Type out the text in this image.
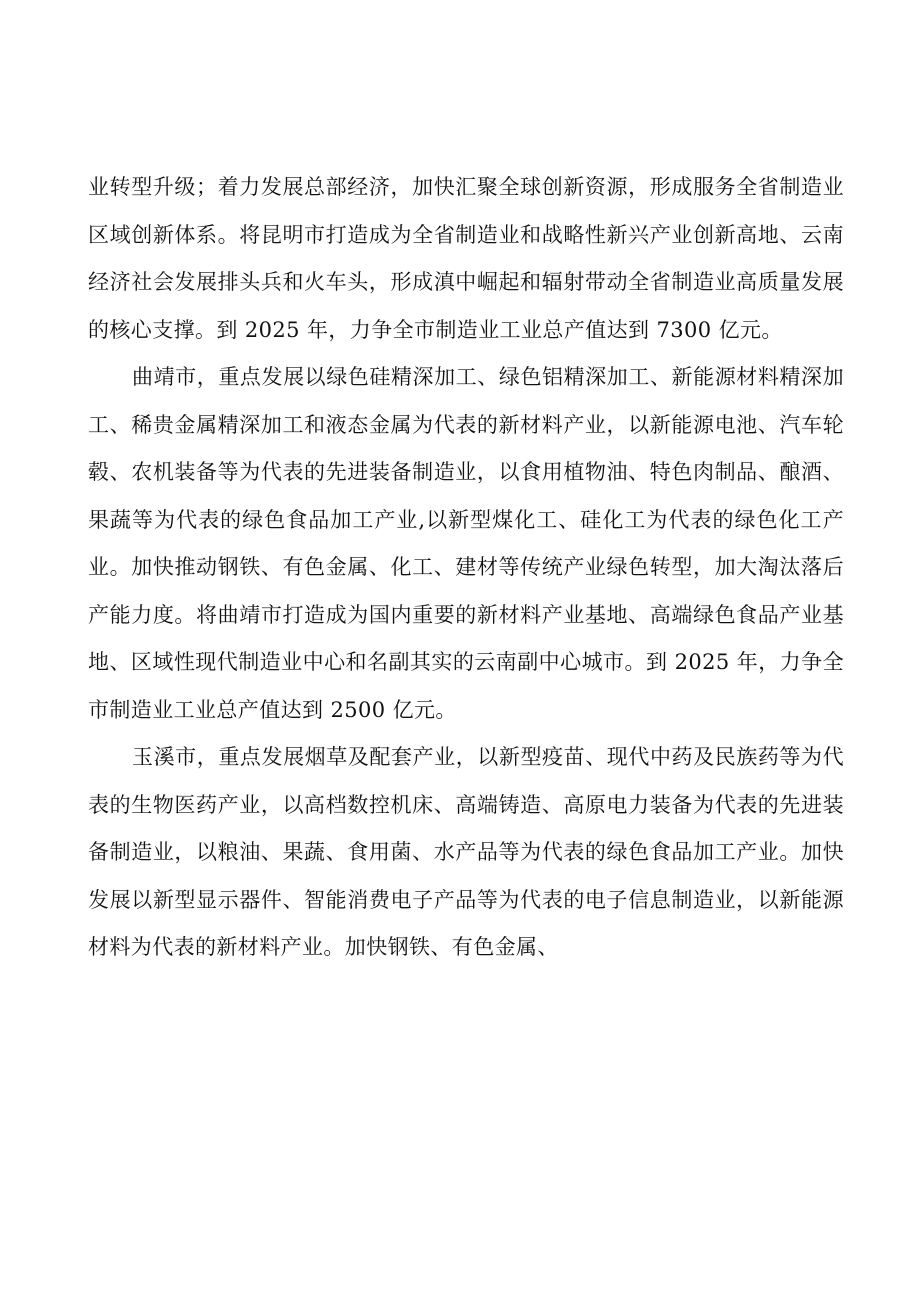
业转型升级；着力发展总部经济，加快汇聚全球创新资源，形成服务全省制造业区域创新体系。将昆明市打造成为全省制造业和战略性新兴产业创新高地、云南经济社会发展排头兵和火车头，形成滇中崛起和辐射带动全省制造业高质量发展的核心支撑。到 2025 年，力争全市制造业工业总产值达到 7300 亿元。

曲靖市，重点发展以绿色硅精深加工、绿色铝精深加工、新能源材料精深加工、稀贵金属精深加工和液态金属为代表的新材料产业，以新能源电池、汽车轮毂、农机装备等为代表的先进装备制造业，以食用植物油、特色肉制品、酿酒、果蔬等为代表的绿色食品加工产业,以新型煤化工、硅化工为代表的绿色化工产业。加快推动钢铁、有色金属、化工、建材等传统产业绿色转型，加大淘汰落后产能力度。将曲靖市打造成为国内重要的新材料产业基地、高端绿色食品产业基地、区域性现代制造业中心和名副其实的云南副中心城市。到 2025 年，力争全市制造业工业总产值达到 2500 亿元。

玉溪市，重点发展烟草及配套产业，以新型疫苗、现代中药及民族药等为代表的生物医药产业，以高档数控机床、高端铸造、高原电力装备为代表的先进装备制造业，以粮油、果蔬、食用菌、水产品等为代表的绿色食品加工产业。加快发展以新型显示器件、智能消费电子产品等为代表的电子信息制造业，以新能源材料为代表的新材料产业。加快钢铁、有色金属、
